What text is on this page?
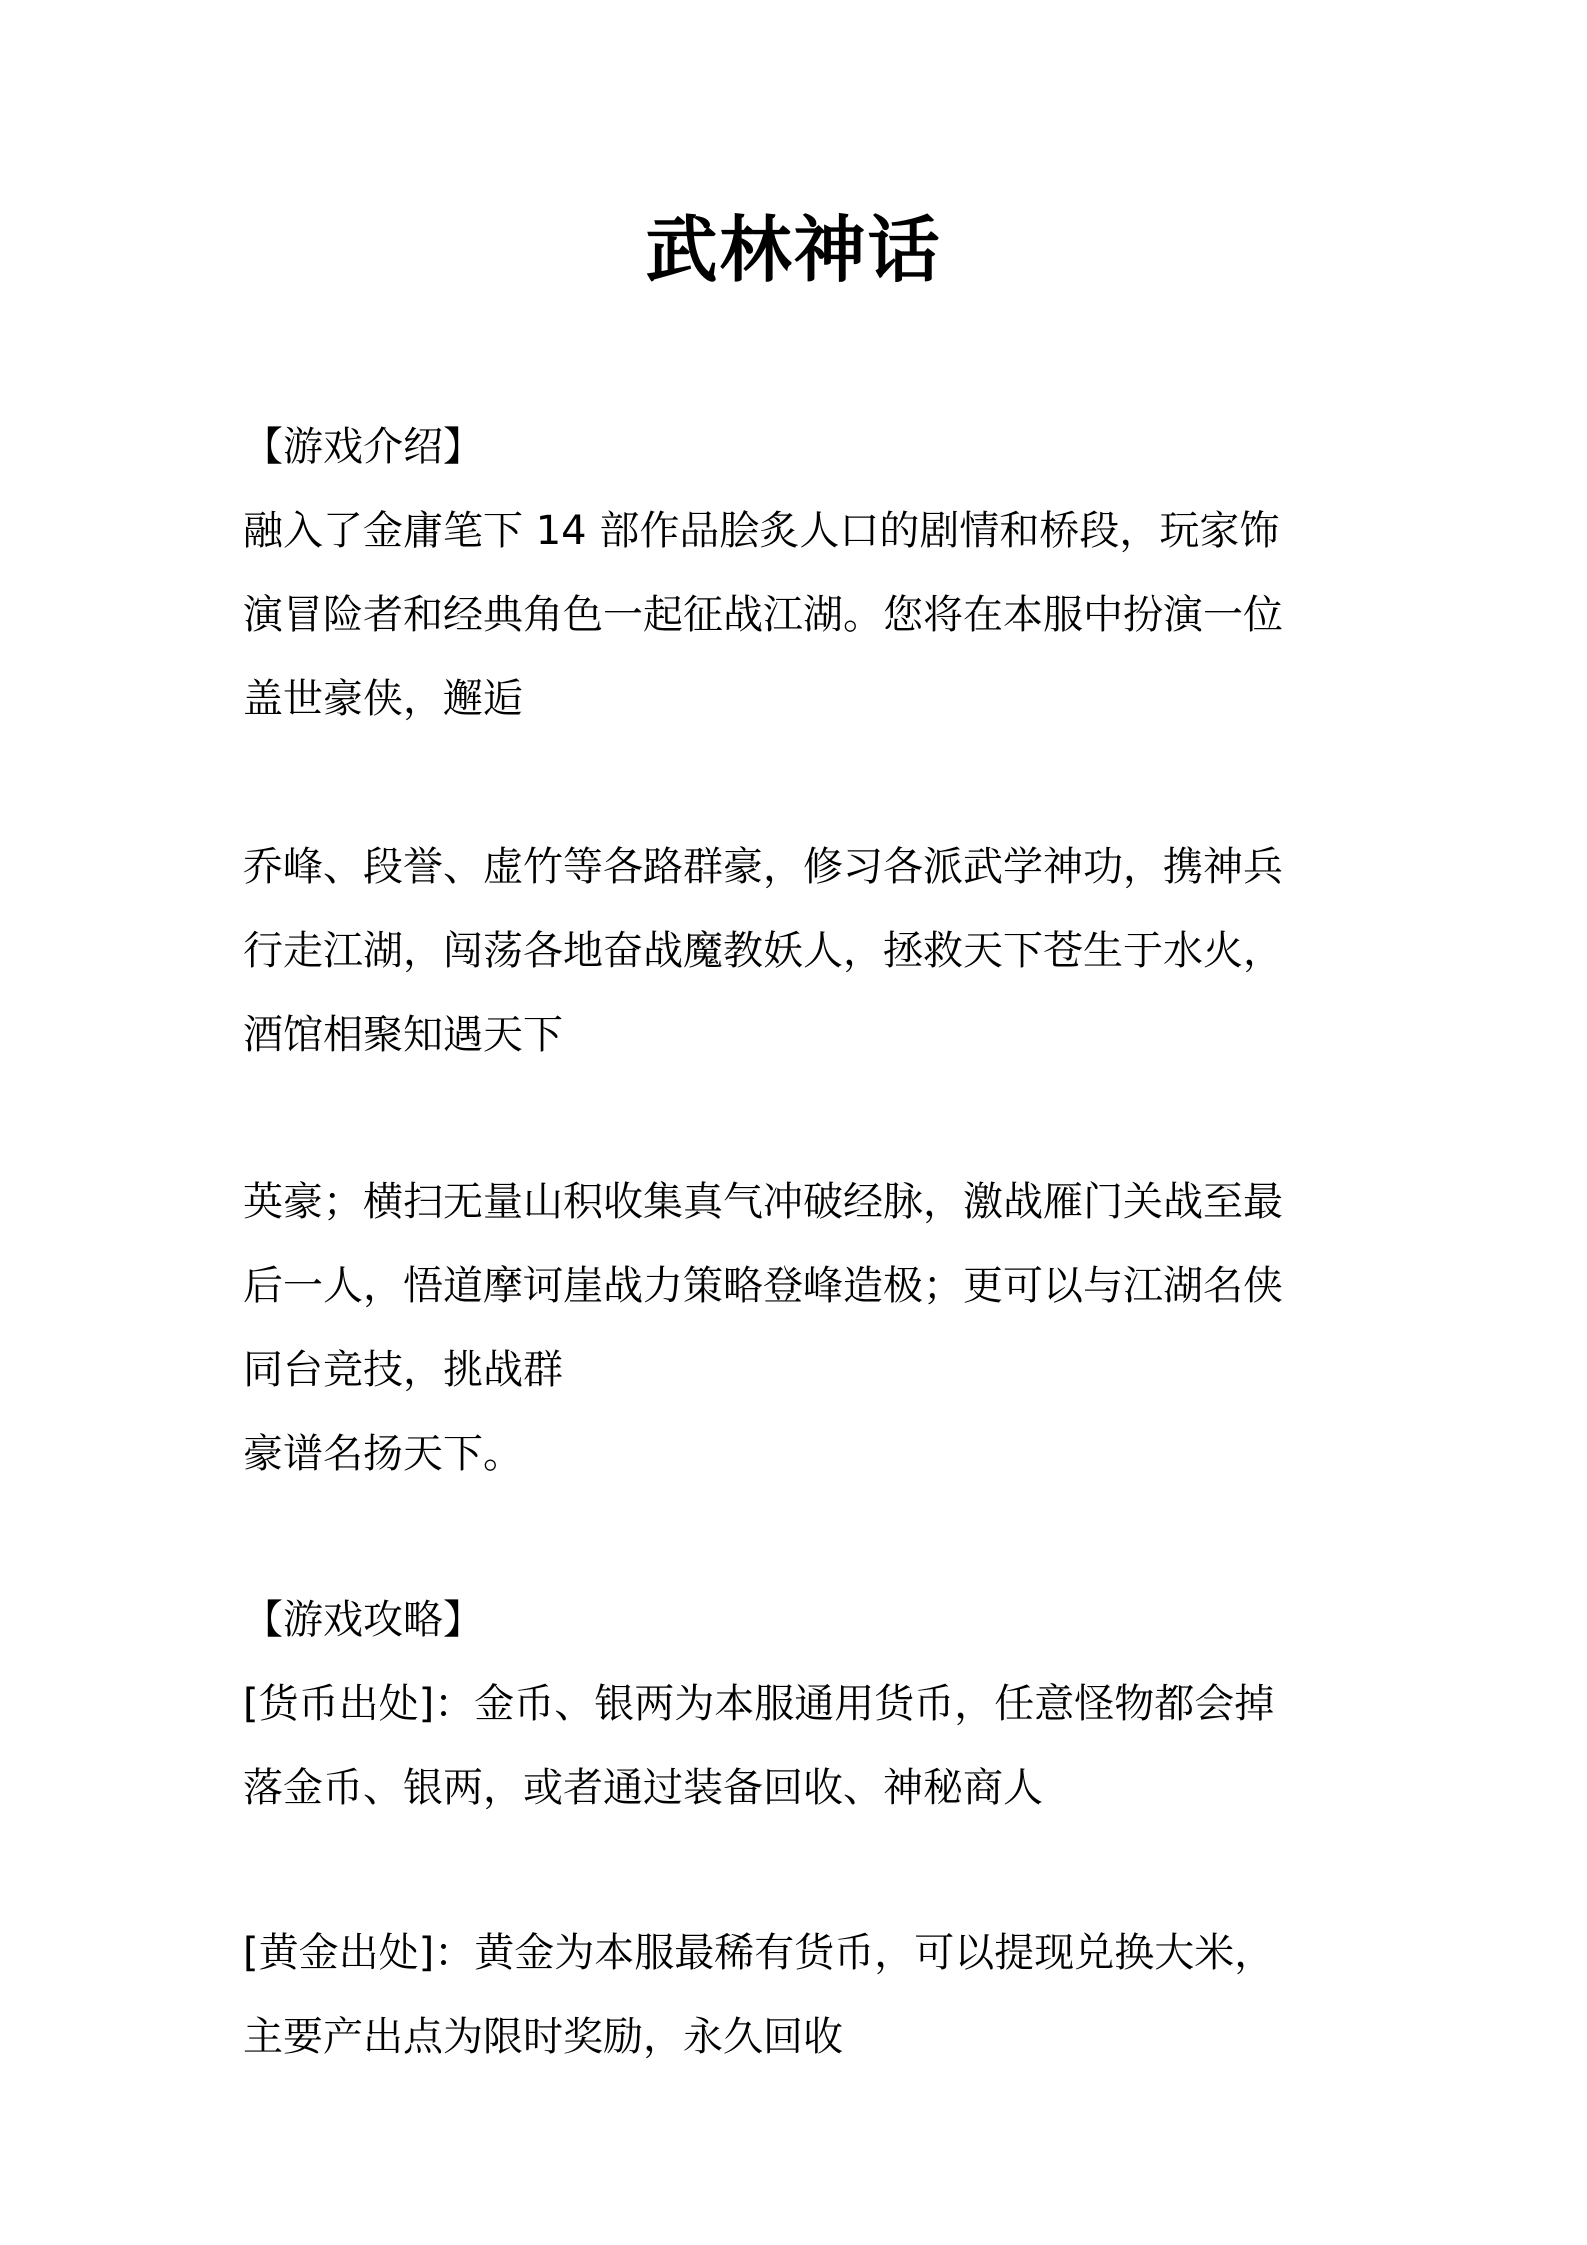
武林神话
【游戏介绍】
融入了金庸笔下 14 部作品脍炙人口的剧情和桥段，玩家饰
演冒险者和经典角色一起征战江湖。您将在本服中扮演一位
盖世豪侠，邂逅
乔峰、段誉、虚竹等各路群豪，修习各派武学神功，携神兵
行走江湖，闯荡各地奋战魔教妖人，拯救天下苍生于水火，
酒馆相聚知遇天下
英豪；横扫无量山积收集真气冲破经脉，激战雁门关战至最
后一人，悟道摩诃崖战力策略登峰造极；更可以与江湖名侠
同台竞技，挑战群
豪谱名扬天下。
【游戏攻略】
[货币出处]：金币、银两为本服通用货币，任意怪物都会掉
落金币、银两，或者通过装备回收、神秘商人
[黄金出处]：黄金为本服最稀有货币，可以提现兑换大米，
主要产出点为限时奖励，永久回收
